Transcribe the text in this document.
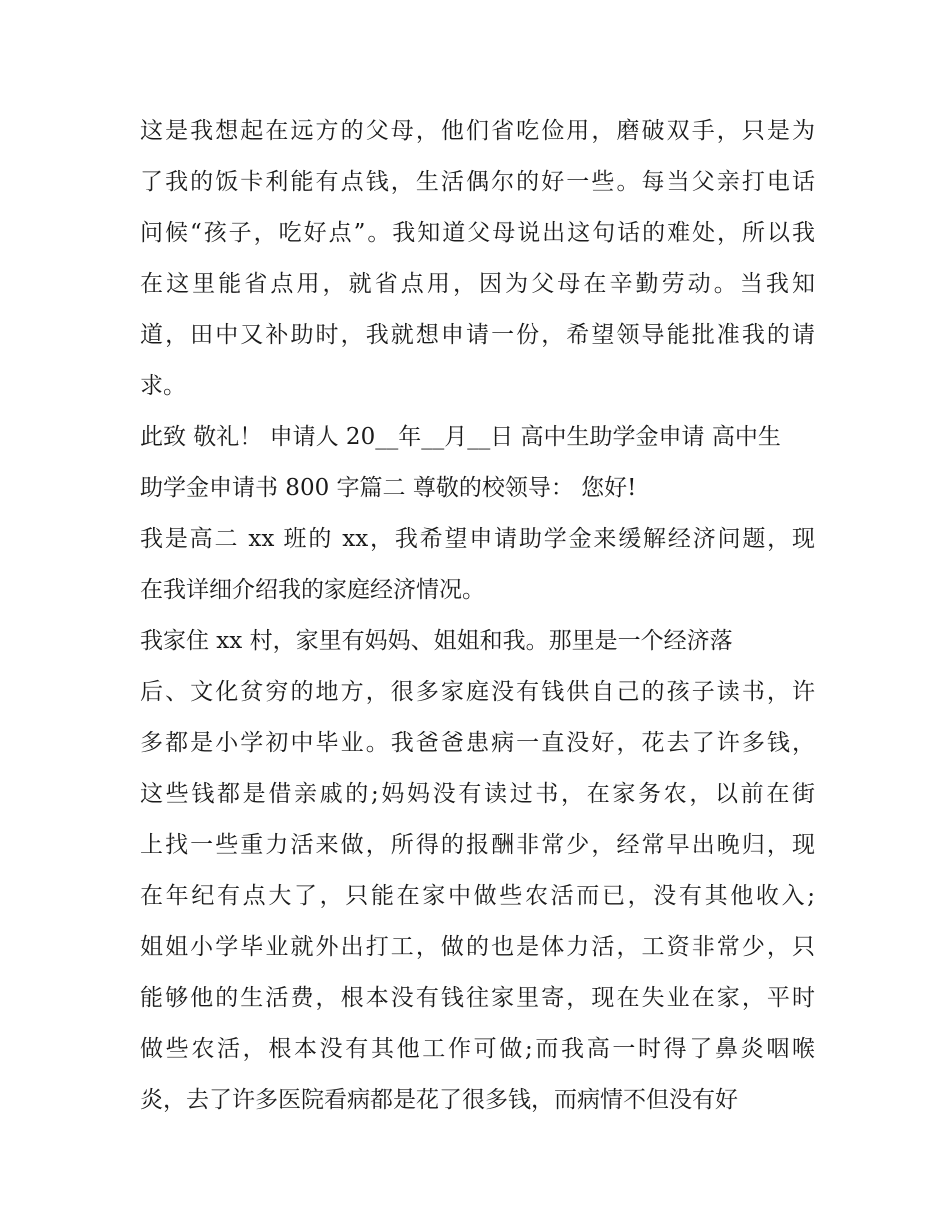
这是我想起在远方的父母，他们省吃俭用，磨破双手，只是为
了我的饭卡利能有点钱，生活偶尔的好一些。每当父亲打电话
问候“孩子，吃好点”。我知道父母说出这句话的难处，所以我
在这里能省点用，就省点用，因为父母在辛勤劳动。当我知
道，田中又补助时，我就想申请一份，希望领导能批准我的请
求。
此致 敬礼！ 申请人 20__年__月__日 高中生助学金申请 高中生
助学金申请书 800 字篇二 尊敬的校领导： 您好!
我是高二 xx 班的 xx，我希望申请助学金来缓解经济问题，现
在我详细介绍我的家庭经济情况。
我家住 xx 村，家里有妈妈、姐姐和我。那里是一个经济落
后、文化贫穷的地方，很多家庭没有钱供自己的孩子读书，许
多都是小学初中毕业。我爸爸患病一直没好，花去了许多钱，
这些钱都是借亲戚的;妈妈没有读过书，在家务农，以前在街
上找一些重力活来做，所得的报酬非常少，经常早出晚归，现
在年纪有点大了，只能在家中做些农活而已，没有其他收入;
姐姐小学毕业就外出打工，做的也是体力活，工资非常少，只
能够他的生活费，根本没有钱往家里寄，现在失业在家，平时
做些农活，根本没有其他工作可做;而我高一时得了鼻炎咽喉
炎，去了许多医院看病都是花了很多钱，而病情不但没有好
